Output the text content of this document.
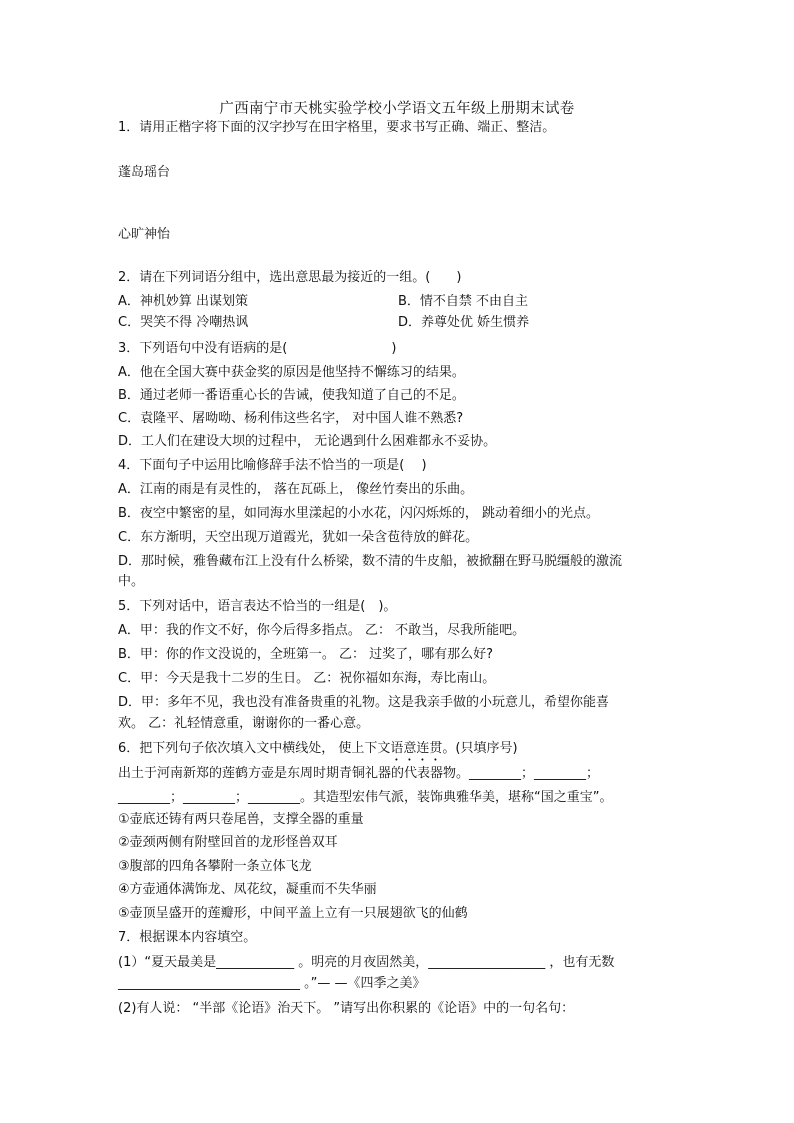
广西南宁市天桃实验学校小学语文五年级上册期末试卷
1．请用正楷字将下面的汉字抄写在田字格里，要求书写正确、端正、整洁。
蓬岛瑶台
心旷神怡
2．请在下列词语分组中，选出意思最为接近的一组。(　　)
A．神机妙算 出谋划策	B．情不自禁 不由自主
C．哭笑不得 冷嘲热讽	D．养尊处优 娇生惯养
3．下列语句中没有语病的是(　　　　　　　　)
A．他在全国大赛中获金奖的原因是他坚持不懈练习的结果。
B．通过老师一番语重心长的告诫，使我知道了自己的不足。
C．袁隆平、屠呦呦、杨利伟这些名字， 对中国人谁不熟悉?
D．工人们在建设大坝的过程中， 无论遇到什么困难都永不妥协。
4．下面句子中运用比喻修辞手法不恰当的一项是(　 )
A．江南的雨是有灵性的， 落在瓦砾上， 像丝竹奏出的乐曲。
B．夜空中繁密的星，如同海水里漾起的小水花，闪闪烁烁的， 跳动着细小的光点。
C．东方渐明，天空出现万道霞光，犹如一朵含苞待放的鲜花。
D．那时候，雅鲁藏布江上没有什么桥梁，数不清的牛皮船，被掀翻在野马脱缰般的激流
中。
5．下列对话中，语言表达不恰当的一组是(　)。
A．甲：我的作文不好，你今后得多指点。 乙： 不敢当，尽我所能吧。
B．甲：你的作文没说的，全班第一。 乙： 过奖了，哪有那么好?
C．甲：今天是我十二岁的生日。 乙：祝你福如东海，寿比南山。
D．甲：多年不见，我也没有准备贵重的礼物。这是我亲手做的小玩意儿，希望你能喜
欢。 乙：礼轻情意重，谢谢你的一番心意。
6．把下列句子依次填入文中横线处， 使上下文语意连贯。(只填序号)
出土于河南新郑的莲鹤方壶是东周时期青铜礼器的代表器物。________；________；
________；________；________。其造型宏伟气派，装饰典雅华美，堪称“国之重宝”。
①壶底还铸有两只卷尾兽，支撑全器的重量
②壶颈两侧有附壁回首的龙形怪兽双耳
③腹部的四角各攀附一条立体飞龙
④方壶通体满饰龙、凤花纹，凝重而不失华丽
⑤壶顶呈盛开的莲瓣形，中间平盖上立有一只展翅欲飞的仙鹤
7．根据课本内容填空。
(1）“夏天最美是____________ 。明亮的月夜固然美，__________________ ，也有无数
____________________________ 。”— —《四季之美》
(2)有人说： “半部《论语》治天下。 ”请写出你积累的《论语》中的一句名句：
